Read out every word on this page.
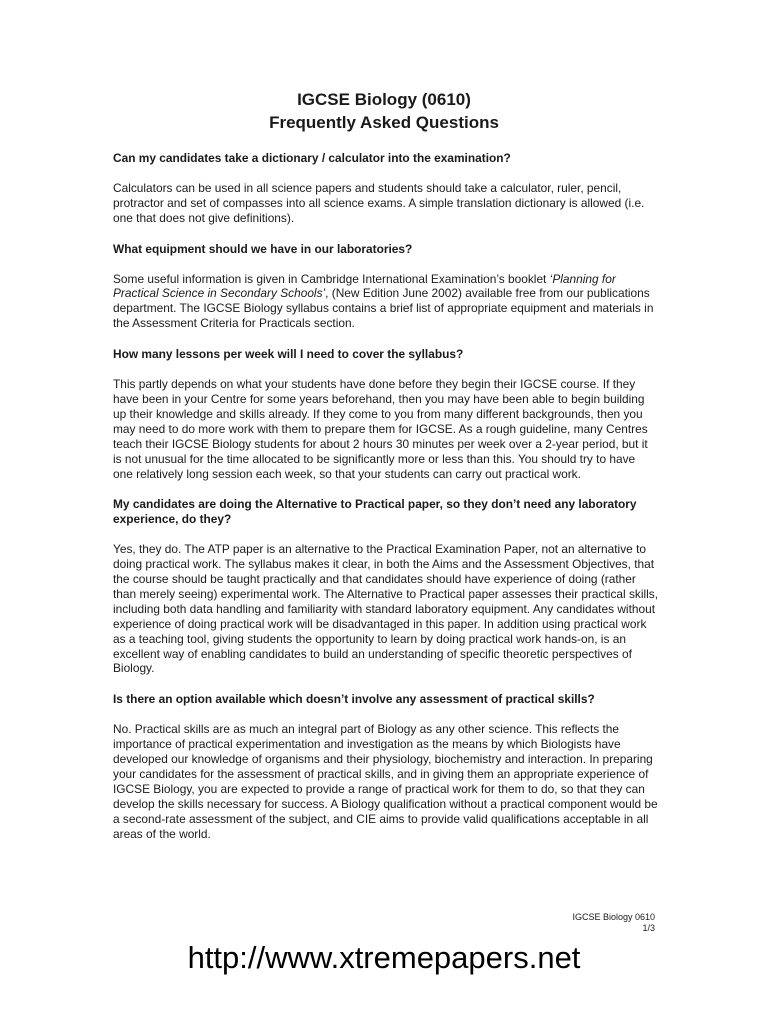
IGCSE Biology (0610)
Frequently Asked Questions

Can my candidates take a dictionary / calculator into the examination?

Calculators can be used in all science papers and students should take a calculator, ruler, pencil, protractor and set of compasses into all science exams. A simple translation dictionary is allowed (i.e. one that does not give definitions).

What equipment should we have in our laboratories?

Some useful information is given in Cambridge International Examination’s booklet ‘Planning for Practical Science in Secondary Schools’, (New Edition June 2002) available free from our publications department. The IGCSE Biology syllabus contains a brief list of appropriate equipment and materials in the Assessment Criteria for Practicals section.

How many lessons per week will I need to cover the syllabus?

This partly depends on what your students have done before they begin their IGCSE course. If they have been in your Centre for some years beforehand, then you may have been able to begin building up their knowledge and skills already. If they come to you from many different backgrounds, then you may need to do more work with them to prepare them for IGCSE. As a rough guideline, many Centres teach their IGCSE Biology students for about 2 hours 30 minutes per week over a 2-year period, but it is not unusual for the time allocated to be significantly more or less than this. You should try to have one relatively long session each week, so that your students can carry out practical work.

My candidates are doing the Alternative to Practical paper, so they don’t need any laboratory experience, do they?

Yes, they do. The ATP paper is an alternative to the Practical Examination Paper, not an alternative to doing practical work. The syllabus makes it clear, in both the Aims and the Assessment Objectives, that the course should be taught practically and that candidates should have experience of doing (rather than merely seeing) experimental work. The Alternative to Practical paper assesses their practical skills, including both data handling and familiarity with standard laboratory equipment. Any candidates without experience of doing practical work will be disadvantaged in this paper. In addition using practical work as a teaching tool, giving students the opportunity to learn by doing practical work hands-on, is an excellent way of enabling candidates to build an understanding of specific theoretic perspectives of Biology.

Is there an option available which doesn’t involve any assessment of practical skills?

No. Practical skills are as much an integral part of Biology as any other science. This reflects the importance of practical experimentation and investigation as the means by which Biologists have developed our knowledge of organisms and their physiology, biochemistry and interaction. In preparing your candidates for the assessment of practical skills, and in giving them an appropriate experience of IGCSE Biology, you are expected to provide a range of practical work for them to do, so that they can develop the skills necessary for success. A Biology qualification without a practical component would be a second-rate assessment of the subject, and CIE aims to provide valid qualifications acceptable in all areas of the world.

IGCSE Biology 0610
1/3
http://www.xtremepapers.net
